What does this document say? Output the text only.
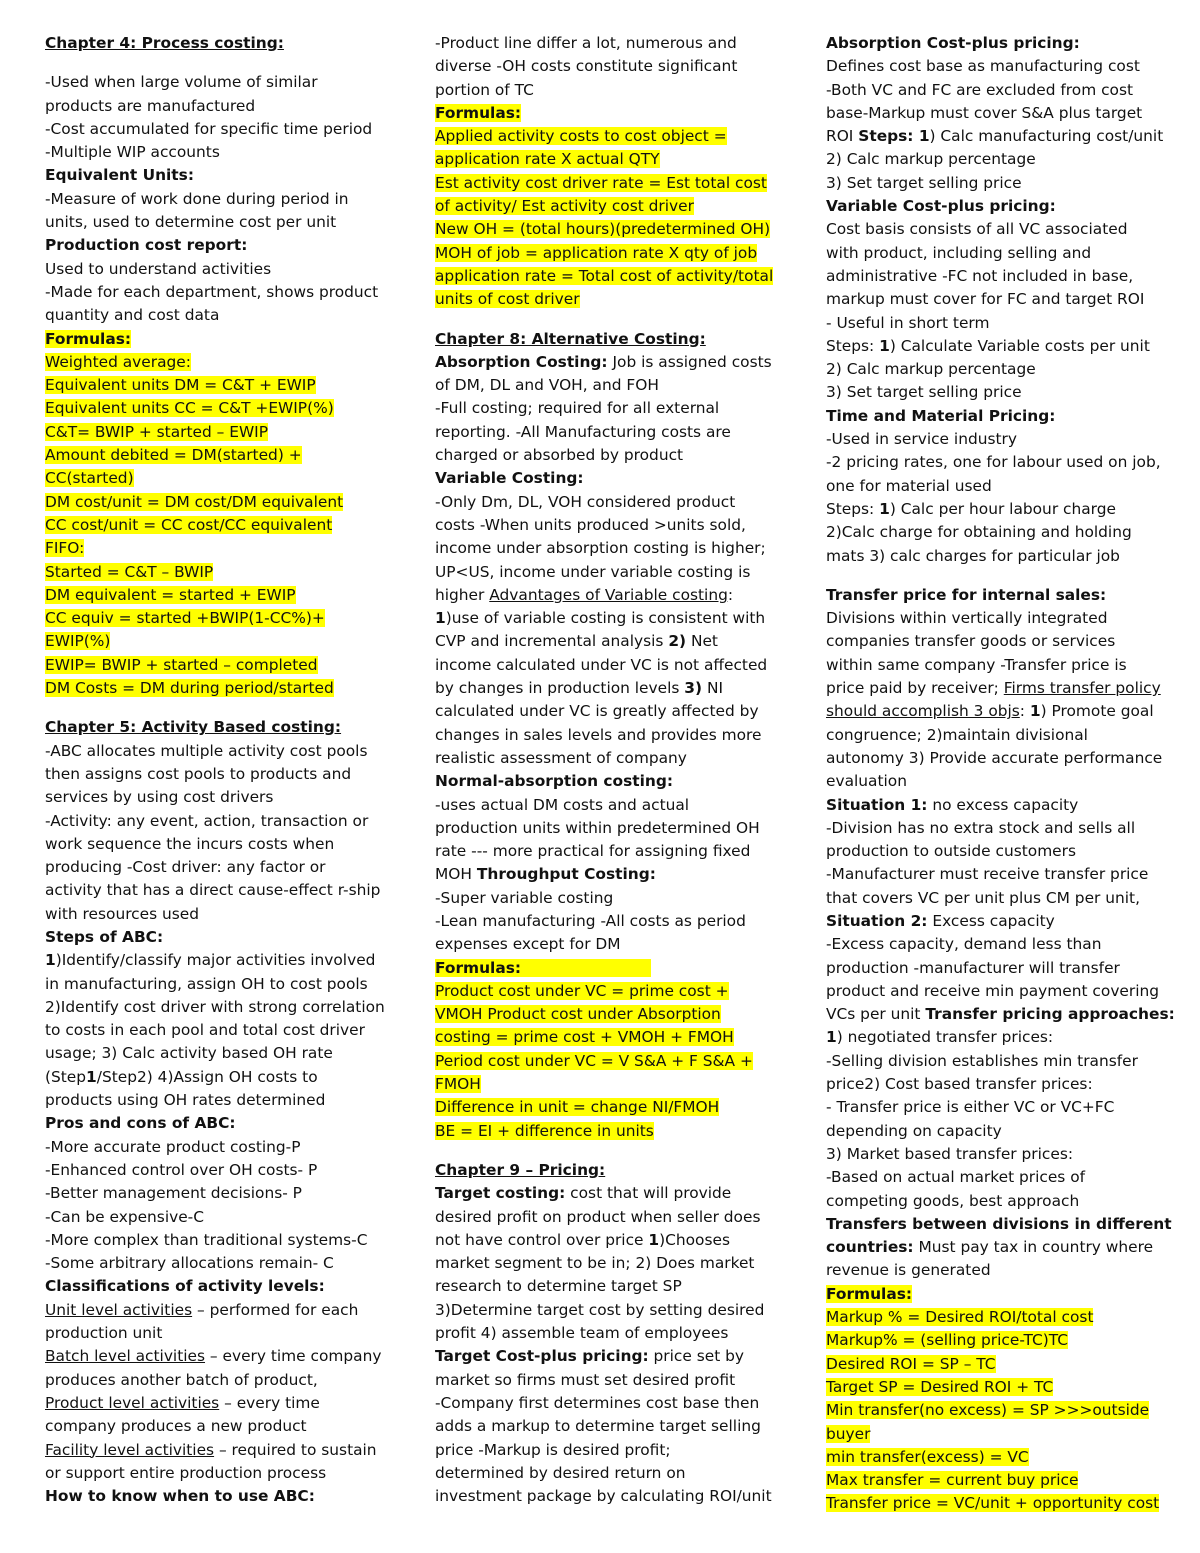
Chapter 4: Process costing:
-Used when large volume of similar
products are manufactured
-Cost accumulated for specific time period
-Multiple WIP accounts
Equivalent Units:
-Measure of work done during period in
units, used to determine cost per unit
Production cost report:
Used to understand activities
-Made for each department, shows product
quantity and cost data
Formulas:
Weighted average:
Equivalent units DM = C&T + EWIP
Equivalent units CC = C&T +EWIP(%)
C&T= BWIP + started – EWIP
Amount debited = DM(started) +
CC(started)
DM cost/unit = DM cost/DM equivalent
CC cost/unit = CC cost/CC equivalent
FIFO:
Started = C&T – BWIP
DM equivalent = started + EWIP
CC equiv = started +BWIP(1-CC%)+
EWIP(%)
EWIP= BWIP + started – completed
DM Costs = DM during period/started
Chapter 5: Activity Based costing:
-ABC allocates multiple activity cost pools
then assigns cost pools to products and
services by using cost drivers
-Activity: any event, action, transaction or
work sequence the incurs costs when
producing -Cost driver: any factor or
activity that has a direct cause-effect r-ship
with resources used
Steps of ABC:
1)Identify/classify major activities involved
in manufacturing, assign OH to cost pools
2)Identify cost driver with strong correlation
to costs in each pool and total cost driver
usage; 3) Calc activity based OH rate
(Step1/Step2) 4)Assign OH costs to
products using OH rates determined
Pros and cons of ABC:
-More accurate product costing-P
-Enhanced control over OH costs- P
-Better management decisions- P
-Can be expensive-C
-More complex than traditional systems-C
-Some arbitrary allocations remain- C
Classifications of activity levels:
Unit level activities – performed for each
production unit
Batch level activities – every time company
produces another batch of product,
Product level activities – every time
company produces a new product
Facility level activities – required to sustain
or support entire production process
How to know when to use ABC:
-Product line differ a lot, numerous and
diverse -OH costs constitute significant
portion of TC
Formulas:
Applied activity costs to cost object =
application rate X actual QTY
Est activity cost driver rate = Est total cost
of activity/ Est activity cost driver
New OH = (total hours)(predetermined OH)
MOH of job = application rate X qty of job
application rate = Total cost of activity/total
units of cost driver
Chapter 8: Alternative Costing:
Absorption Costing: Job is assigned costs
of DM, DL and VOH, and FOH
-Full costing; required for all external
reporting. -All Manufacturing costs are
charged or absorbed by product
Variable Costing:
-Only Dm, DL, VOH considered product
costs -When units produced >units sold,
income under absorption costing is higher;
UP<US, income under variable costing is
higher Advantages of Variable costing:
1)use of variable costing is consistent with
CVP and incremental analysis 2) Net
income calculated under VC is not affected
by changes in production levels 3) NI
calculated under VC is greatly affected by
changes in sales levels and provides more
realistic assessment of company
Normal-absorption costing:
-uses actual DM costs and actual
production units within predetermined OH
rate --- more practical for assigning fixed
MOH Throughput Costing:
-Super variable costing
-Lean manufacturing -All costs as period
expenses except for DM
Formulas:
Product cost under VC = prime cost +
VMOH Product cost under Absorption
costing = prime cost + VMOH + FMOH
Period cost under VC = V S&A + F S&A +
FMOH
Difference in unit = change NI/FMOH
BE = EI + difference in units
Chapter 9 – Pricing:
Target costing: cost that will provide
desired profit on product when seller does
not have control over price 1)Chooses
market segment to be in; 2) Does market
research to determine target SP
3)Determine target cost by setting desired
profit 4) assemble team of employees
Target Cost-plus pricing: price set by
market so firms must set desired profit
-Company first determines cost base then
adds a markup to determine target selling
price -Markup is desired profit;
determined by desired return on
investment package by calculating ROI/unit
Absorption Cost-plus pricing:
Defines cost base as manufacturing cost
-Both VC and FC are excluded from cost
base-Markup must cover S&A plus target
ROI Steps: 1) Calc manufacturing cost/unit
2) Calc markup percentage
3) Set target selling price
Variable Cost-plus pricing:
Cost basis consists of all VC associated
with product, including selling and
administrative -FC not included in base,
markup must cover for FC and target ROI
- Useful in short term
Steps: 1) Calculate Variable costs per unit
2) Calc markup percentage
3) Set target selling price
Time and Material Pricing:
-Used in service industry
-2 pricing rates, one for labour used on job,
one for material used
Steps: 1) Calc per hour labour charge
2)Calc charge for obtaining and holding
mats 3) calc charges for particular job
Transfer price for internal sales:
Divisions within vertically integrated
companies transfer goods or services
within same company -Transfer price is
price paid by receiver; Firms transfer policy
should accomplish 3 objs: 1) Promote goal
congruence; 2)maintain divisional
autonomy 3) Provide accurate performance
evaluation
Situation 1: no excess capacity
-Division has no extra stock and sells all
production to outside customers
-Manufacturer must receive transfer price
that covers VC per unit plus CM per unit,
Situation 2: Excess capacity
-Excess capacity, demand less than
production -manufacturer will transfer
product and receive min payment covering
VCs per unit Transfer pricing approaches:
1) negotiated transfer prices:
-Selling division establishes min transfer
price2) Cost based transfer prices:
- Transfer price is either VC or VC+FC
depending on capacity
3) Market based transfer prices:
-Based on actual market prices of
competing goods, best approach
Transfers between divisions in different
countries: Must pay tax in country where
revenue is generated
Formulas:
Markup % = Desired ROI/total cost
Markup% = (selling price-TC)TC
Desired ROI = SP – TC
Target SP = Desired ROI + TC
Min transfer(no excess) = SP >>>outside
buyer
min transfer(excess) = VC
Max transfer = current buy price
Transfer price = VC/unit + opportunity cost
